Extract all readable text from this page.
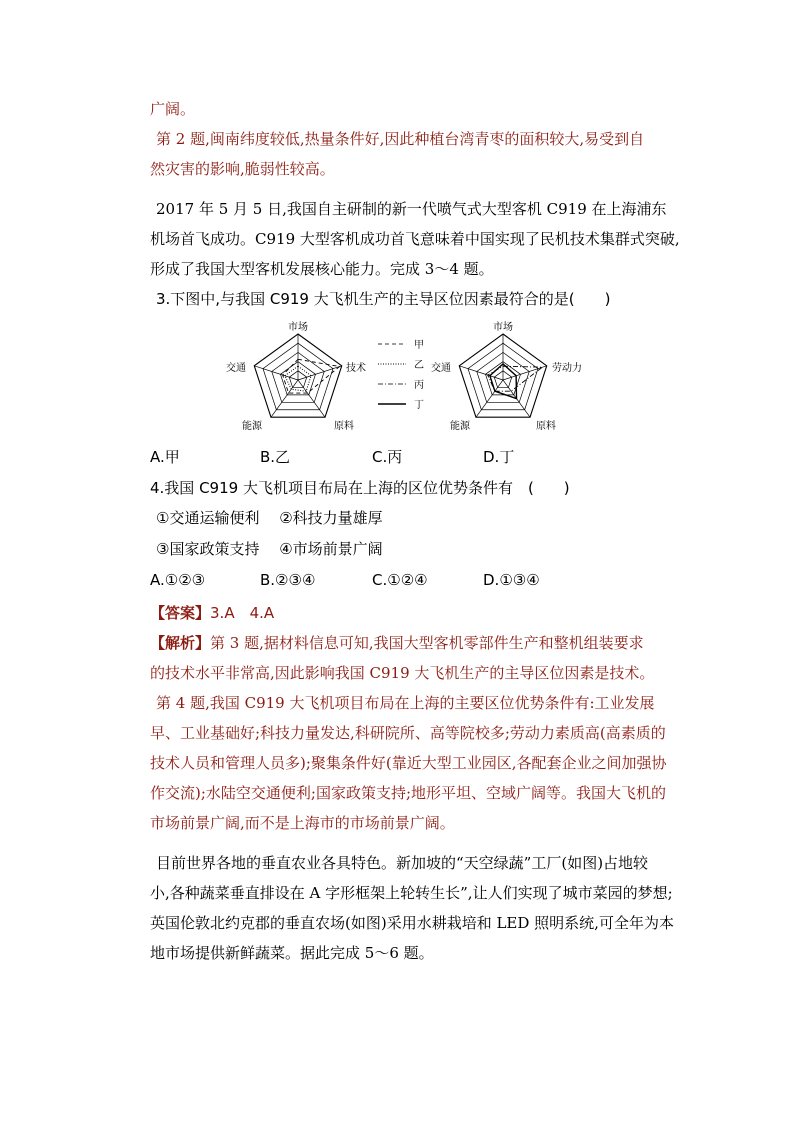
广阔。
第 2 题,闽南纬度较低,热量条件好,因此种植台湾青枣的面积较大,易受到自
然灾害的影响,脆弱性较高。
2017 年 5 月 5 日,我国自主研制的新一代喷气式大型客机 C919 在上海浦东
机场首飞成功。C919 大型客机成功首飞意味着中国实现了民机技术集群式突破,
形成了我国大型客机发展核心能力。完成 3～4 题。
3.下图中,与我国 C919 大飞机生产的主导区位因素最符合的是(　　)
市场
技术
原料
能源
交通
市场
劳动力
原料
能源
交通
甲
乙
丙
丁
A.甲	B.乙	C.丙	D.丁
4.我国 C919 大飞机项目布局在上海的区位优势条件有　(　　)
①交通运输便利　 ②科技力量雄厚
③国家政策支持　 ④市场前景广阔
A.①②③	B.②③④	C.①②④	D.①③④
【答案】3.A　4.A
【解析】第 3 题,据材料信息可知,我国大型客机零部件生产和整机组装要求
的技术水平非常高,因此影响我国 C919 大飞机生产的主导区位因素是技术。
第 4 题,我国 C919 大飞机项目布局在上海的主要区位优势条件有:工业发展
早、工业基础好;科技力量发达,科研院所、高等院校多;劳动力素质高(高素质的
技术人员和管理人员多);聚集条件好(靠近大型工业园区,各配套企业之间加强协
作交流);水陆空交通便利;国家政策支持;地形平坦、空域广阔等。我国大飞机的
市场前景广阔,而不是上海市的市场前景广阔。
目前世界各地的垂直农业各具特色。新加坡的“天空绿蔬”工厂(如图)占地较
小,各种蔬菜垂直排设在 A 字形框架上轮转生长”,让人们实现了城市菜园的梦想;
英国伦敦北约克郡的垂直农场(如图)采用水耕栽培和 LED 照明系统,可全年为本
地市场提供新鲜蔬菜。据此完成 5～6 题。
